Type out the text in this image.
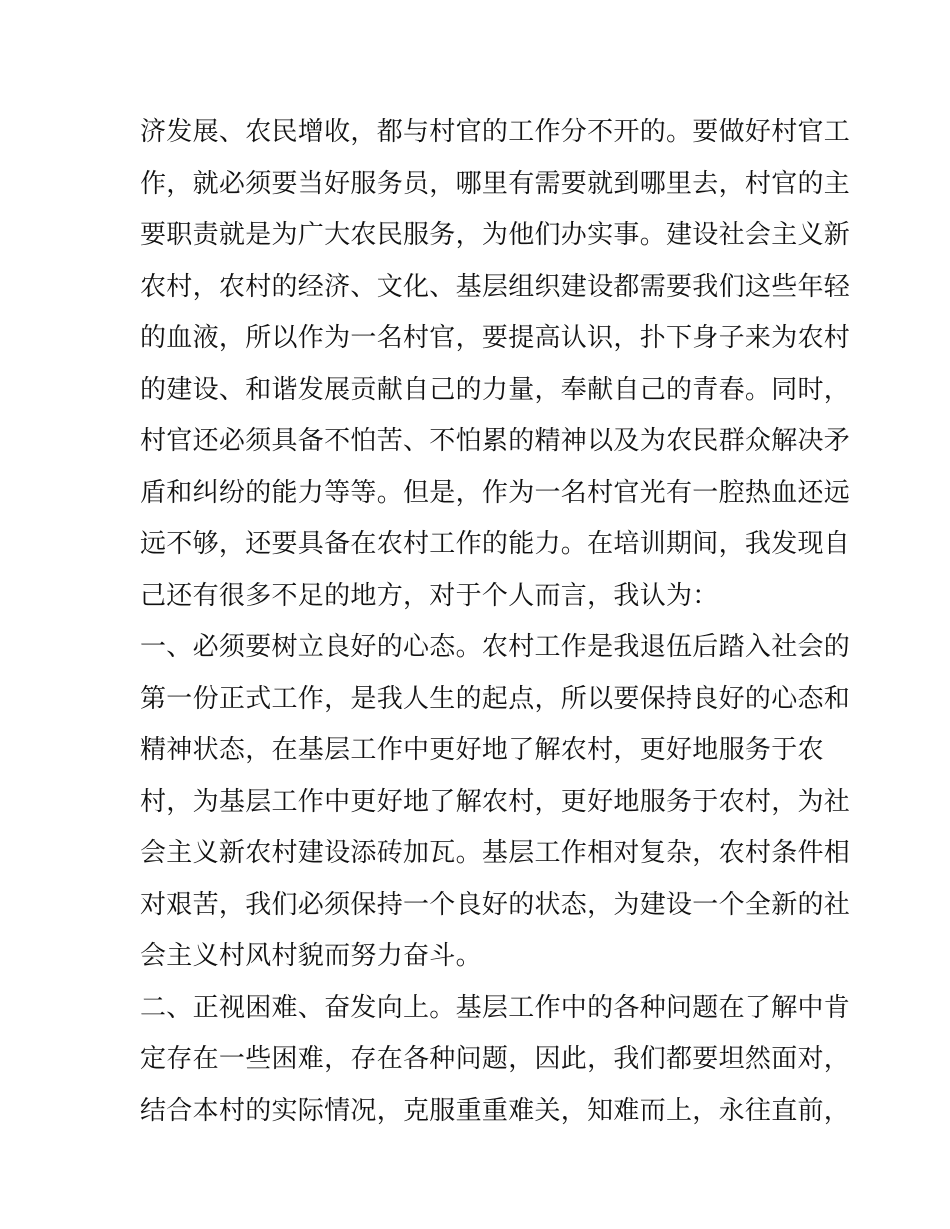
济发展、农民增收，都与村官的工作分不开的。要做好村官工
作，就必须要当好服务员，哪里有需要就到哪里去，村官的主
要职责就是为广大农民服务，为他们办实事。建设社会主义新
农村，农村的经济、文化、基层组织建设都需要我们这些年轻
的血液，所以作为一名村官，要提高认识，扑下身子来为农村
的建设、和谐发展贡献自己的力量，奉献自己的青春。同时，
村官还必须具备不怕苦、不怕累的精神以及为农民群众解决矛
盾和纠纷的能力等等。但是，作为一名村官光有一腔热血还远
远不够，还要具备在农村工作的能力。在培训期间，我发现自
己还有很多不足的地方，对于个人而言，我认为：
一、必须要树立良好的心态。农村工作是我退伍后踏入社会的
第一份正式工作，是我人生的起点，所以要保持良好的心态和
精神状态，在基层工作中更好地了解农村，更好地服务于农
村，为基层工作中更好地了解农村，更好地服务于农村，为社
会主义新农村建设添砖加瓦。基层工作相对复杂，农村条件相
对艰苦，我们必须保持一个良好的状态，为建设一个全新的社
会主义村风村貌而努力奋斗。
二、正视困难、奋发向上。基层工作中的各种问题在了解中肯
定存在一些困难，存在各种问题，因此，我们都要坦然面对，
结合本村的实际情况，克服重重难关，知难而上，永往直前，
